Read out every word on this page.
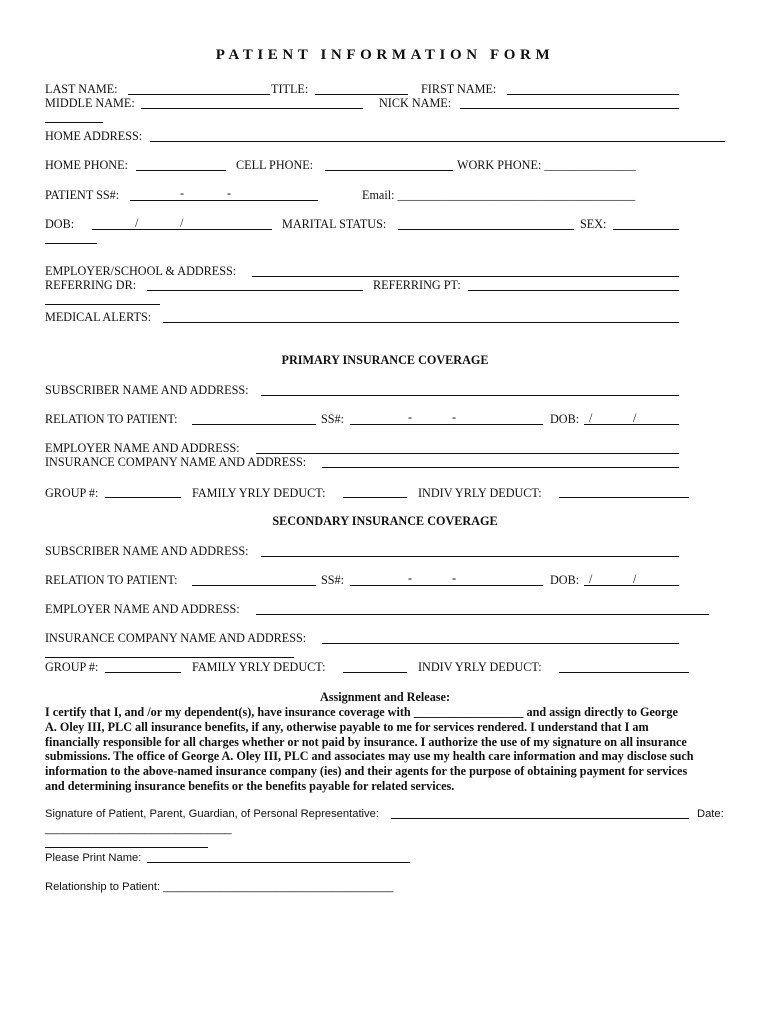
PATIENT INFORMATION FORM
LAST NAME:	TITLE:	FIRST NAME:
MIDDLE NAME:	NICK NAME:
HOME ADDRESS:
HOME PHONE:	CELL PHONE:	WORK PHONE: _______________
PATIENT SS#:	-	-	Email: _______________________________________
DOB:	/	/	MARITAL STATUS:	SEX:
EMPLOYER/SCHOOL & ADDRESS:
REFERRING DR:	REFERRING PT:
MEDICAL ALERTS:
PRIMARY INSURANCE COVERAGE
SUBSCRIBER NAME AND ADDRESS:
RELATION TO PATIENT:	SS#:	-	-	DOB: /	/
EMPLOYER NAME AND ADDRESS:
INSURANCE COMPANY NAME AND ADDRESS:
GROUP #:	FAMILY YRLY DEDUCT:	INDIV YRLY DEDUCT:
SECONDARY INSURANCE COVERAGE
SUBSCRIBER NAME AND ADDRESS:
RELATION TO PATIENT:	SS#:	-	-	DOB: /	/
EMPLOYER NAME AND ADDRESS:
INSURANCE COMPANY NAME AND ADDRESS:
GROUP #:	FAMILY YRLY DEDUCT:	INDIV YRLY DEDUCT:
Assignment and Release:
I certify that I, and /or my dependent(s), have insurance coverage with __________________ and assign directly to George
A. Oley III, PLC all insurance benefits, if any, otherwise payable to me for services rendered. I understand that I am
financially responsible for all charges whether or not paid by insurance. I authorize the use of my signature on all insurance
submissions. The office of George A. Oley III, PLC and associates may use my health care information and may disclose such
information to the above-named insurance company (ies) and their agents for the purpose of obtaining payment for services
and determining insurance benefits or the benefits payable for related services.
Signature of Patient, Parent, Guardian, of Personal Representative:	Date:
______________________________
Please Print Name:
Relationship to Patient: _____________________________________
